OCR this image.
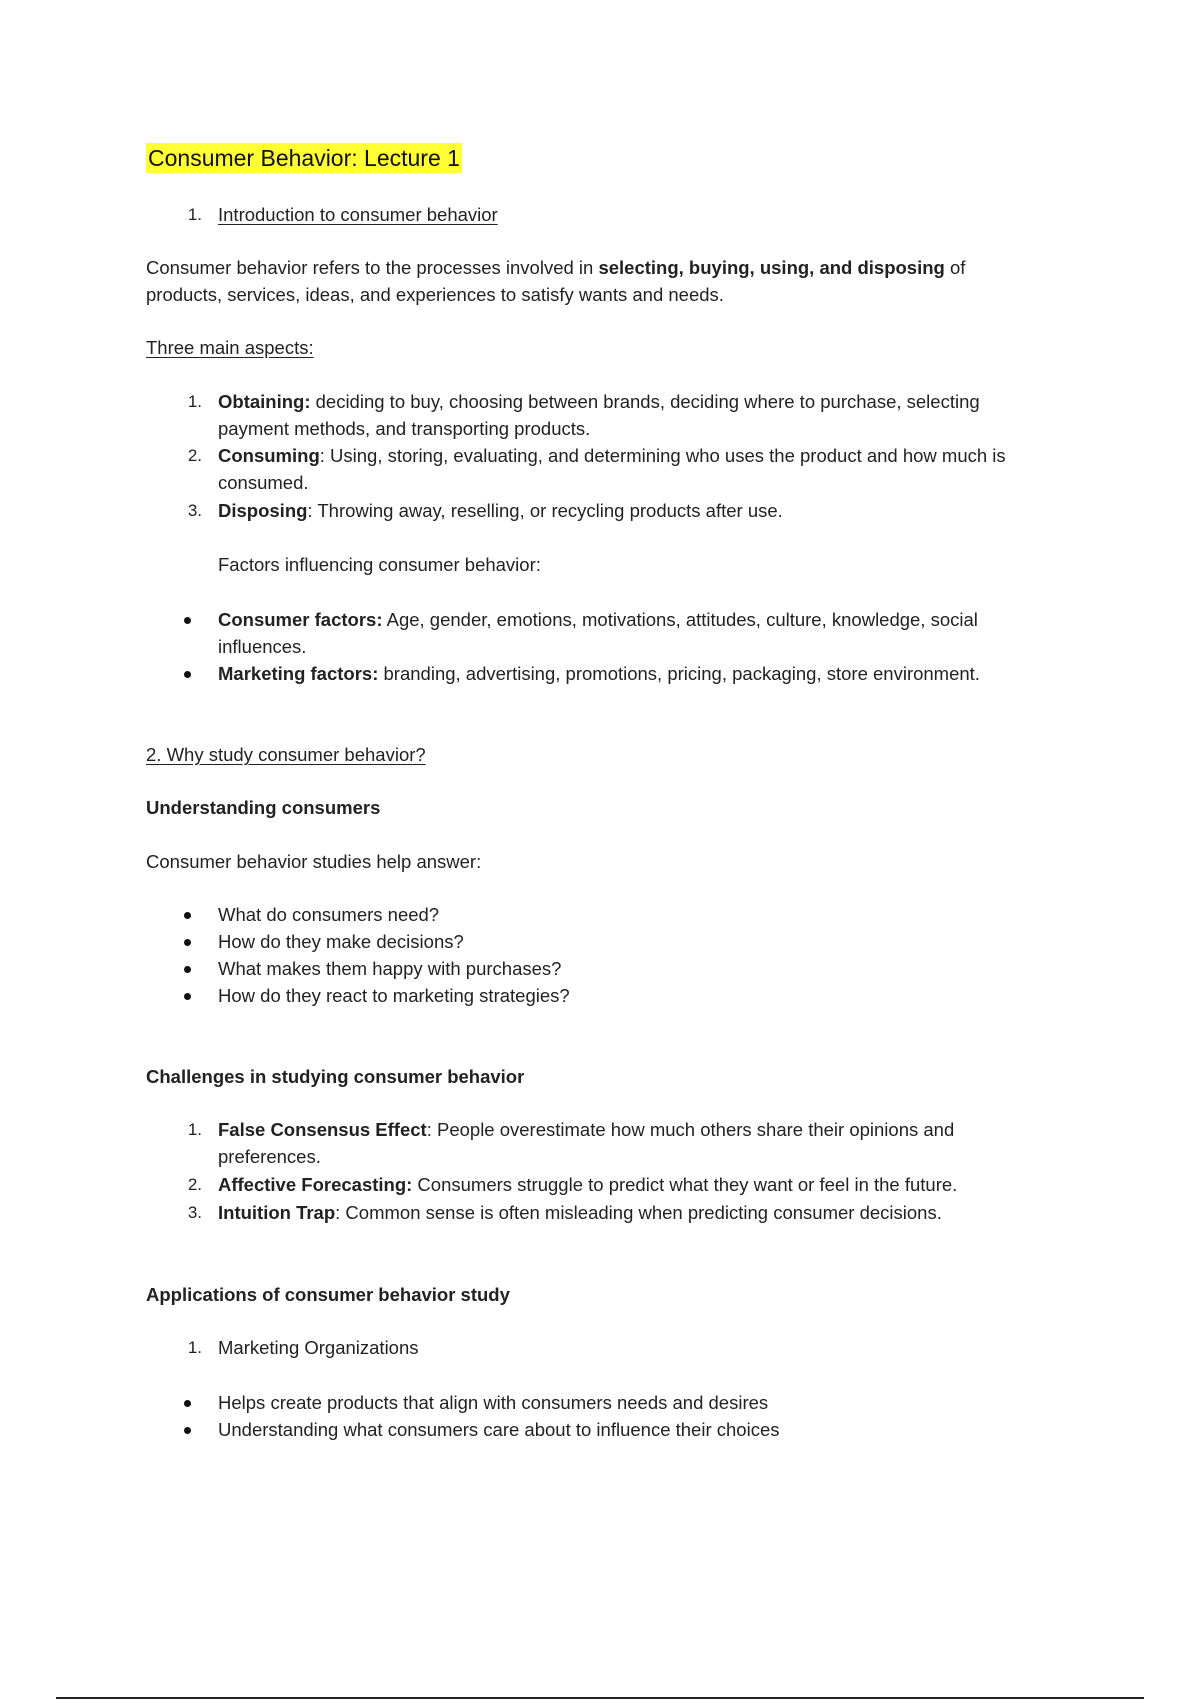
Consumer Behavior: Lecture 1
1. Introduction to consumer behavior
Consumer behavior refers to the processes involved in selecting, buying, using, and disposing of
products, services, ideas, and experiences to satisfy wants and needs.
Three main aspects:
1. Obtaining: deciding to buy, choosing between brands, deciding where to purchase, selecting
payment methods, and transporting products.
2. Consuming: Using, storing, evaluating, and determining who uses the product and how much is
consumed.
3. Disposing: Throwing away, reselling, or recycling products after use.
Factors influencing consumer behavior:
Consumer factors: Age, gender, emotions, motivations, attitudes, culture, knowledge, social
influences.
Marketing factors: branding, advertising, promotions, pricing, packaging, store environment.
2. Why study consumer behavior?
Understanding consumers
Consumer behavior studies help answer:
What do consumers need?
How do they make decisions?
What makes them happy with purchases?
How do they react to marketing strategies?
Challenges in studying consumer behavior
1. False Consensus Effect: People overestimate how much others share their opinions and
preferences.
2. Affective Forecasting: Consumers struggle to predict what they want or feel in the future.
3. Intuition Trap: Common sense is often misleading when predicting consumer decisions.
Applications of consumer behavior study
1. Marketing Organizations
Helps create products that align with consumers needs and desires
Understanding what consumers care about to influence their choices
